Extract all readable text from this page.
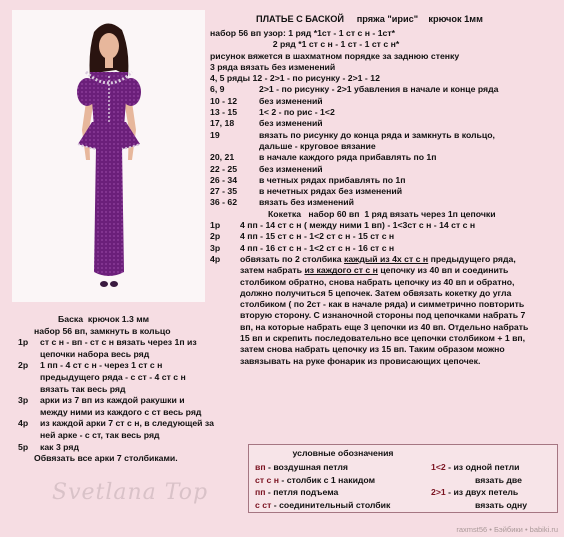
ПЛАТЬЕ С БАСКОЙ     пряжа "ирис"    крючок 1мм
набор 56 вп узор: 1 ряд *1ст - 1 ст с н - 1ст*
2 ряд *1 ст с н - 1 ст - 1 ст с н*
рисунок вяжется в шахматном порядке за заднюю стенку
3 ряда вязать без изменений
4, 5 ряды 12 - 2>1 - по рисунку - 2>1 - 12
6, 9	2>1 - по рисунку - 2>1 убавления в начале и конце ряда
10 - 12	без изменений
13 - 15	1< 2 - по рис - 1<2
17, 18	без изменений
19	вязать по рисунку до конца ряда и замкнуть в кольцо,
дальше - круговое вязание
20, 21	в начале каждого ряда прибавлять по 1п
22 - 25	без изменений
26 - 34	в четных рядах прибавлять по 1п
27 - 35	в нечетных рядах без изменений
36 - 62	вязать без изменений
Кокетка   набор 60 вп  1 ряд вязать через 1п цепочки
1р	4 пп - 14 ст с н ( между ними 1 вп) - 1<3ст с н - 14 ст с н
2р	4 пп - 15 ст с н - 1<2 ст с н - 15 ст с н
3р	4 пп - 16 ст с н - 1<2 ст с н - 16 ст с н
4р	обвязать по 2 столбика каждый из 4х ст с н предыдущего ряда, затем набрать из каждого ст с н цепочку из 40 вп и соединить столбиком обратно, снова набрать цепочку из 40 вп и обратно, должно получиться 5 цепочек. Затем обвязать кокетку до угла столбиком ( по 2ст - как в начале ряда) и симметрично повторить вторую сторону. С изнаночной стороны под цепочками набрать 7 вп, на которые набрать еще 3 цепочки из 40 вп. Отдельно набрать 15 вп и скрепить последовательно все цепочки столбиком + 1 вп, затем снова набрать цепочку из 15 вп. Таким образом можно завязывать на руке фонарик из провисающих цепочек.
Баска  крючок 1.3 мм
набор 56 вп, замкнуть в кольцо
1р	ст с н - вп - ст с н вязать через 1п из цепочки набора весь ряд
2р	1 пп - 4 ст с н - через 1 ст с н предыдущего ряда - с ст - 4 ст с н вязать так весь ряд
3р	арки из 7 вп из каждой ракушки и между ними из каждого с ст весь ряд
4р	из каждой арки 7 ст с н, в следующей за ней арке - с ст, так весь ряд
5р	как 3 ряд
Обвязать все арки 7 столбиками.
Svetlana Top
условные обозначения
вп - воздушная петля	1<2 - из одной петли
ст с н - столбик с 1 накидом	вязать две
пп - петля подъема	2>1 - из двух петель
с ст - соединительный столбик	вязать одну
raxmst56 • Бэйбики • babiki.ru
